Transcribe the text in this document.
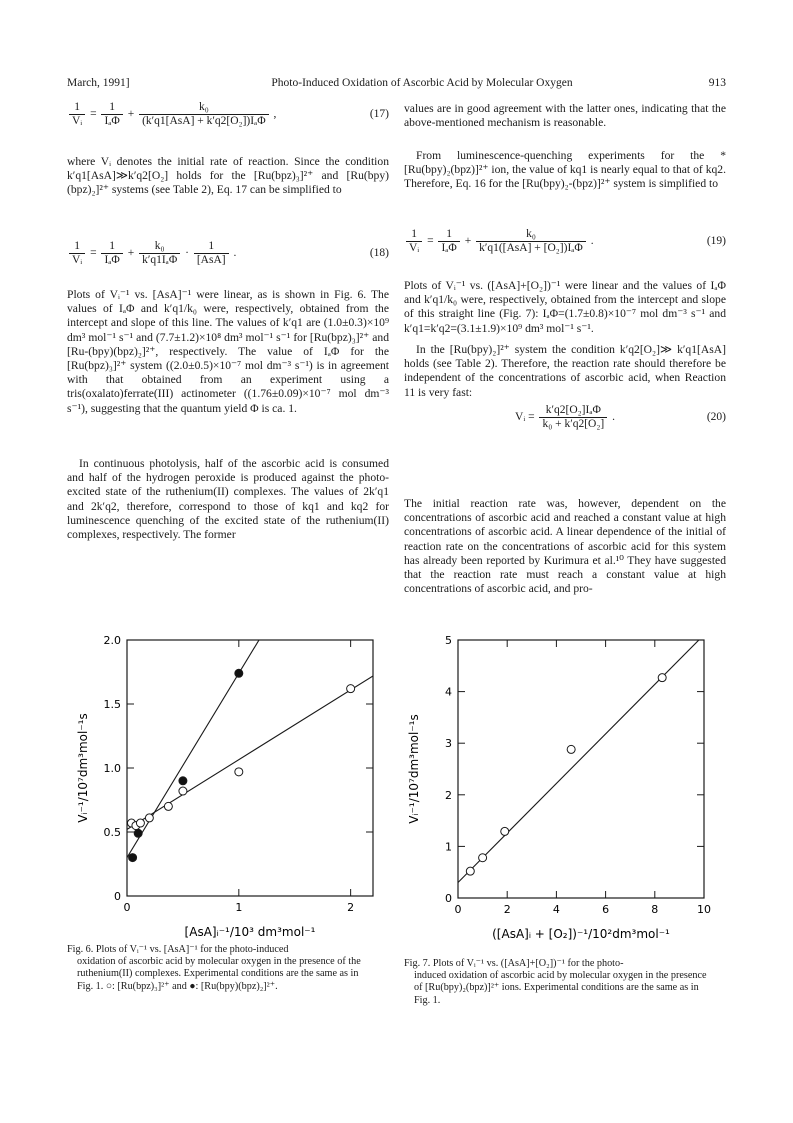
March, 1991]	Photo-Induced Oxidation of Ascorbic Acid by Molecular Oxygen	913
$\frac{1}{\text{Vᵢ}} = \frac{1}{\text{IₐΦ}} + \frac{\text{k₀}}{\text{(k′q1[AsA] + k′q2[O₂])IₐΦ}}$ ,	(17)
where Vᵢ denotes the initial rate of reaction. Since the condition k′q1[AsA]≫k′q2[O₂] holds for the [Ru(bpz)₃]²⁺ and [Ru(bpy)(bpz)₂]²⁺ systems (see Table 2), Eq. 17 can be simplified to
$\frac{1}{\text{Vᵢ}} = \frac{1}{\text{IₐΦ}} + \frac{\text{k₀}}{\text{k′q1IₐΦ}} \cdot \frac{1}{\text{[AsA]}}$ .	(18)
Plots of Vᵢ⁻¹ vs. [AsA]⁻¹ were linear, as is shown in Fig. 6. The values of IₐΦ and k′q1/k₀ were, respectively, obtained from the intercept and slope of this line. The values of k′q1 are (1.0±0.3)×10⁹ dm³ mol⁻¹ s⁻¹ and (7.7±1.2)×10⁸ dm³ mol⁻¹ s⁻¹ for [Ru(bpz)₃]²⁺ and [Ru-(bpy)(bpz)₂]²⁺, respectively. The value of IₐΦ for the [Ru(bpz)₃]²⁺ system ((2.0±0.5)×10⁻⁷ mol dm⁻³ s⁻¹) is in agreement with that obtained from an experiment using a tris(oxalato)ferrate(III) actinometer ((1.76±0.09)×10⁻⁷ mol dm⁻³ s⁻¹), suggesting that the quantum yield Φ is ca. 1.
In continuous photolysis, half of the ascorbic acid is consumed and half of the hydrogen peroxide is produced against the photo-excited state of the ruthenium(II) complexes. The values of 2k′q1 and 2k′q2, therefore, correspond to those of kq1 and kq2 for luminescence quenching of the excited state of the ruthenium(II) complexes, respectively. The former
values are in good agreement with the latter ones, indicating that the above-mentioned mechanism is reasonable.
From luminescence-quenching experiments for the *[Ru(bpy)₂(bpz)]²⁺ ion, the value of kq1 is nearly equal to that of kq2. Therefore, Eq. 16 for the [Ru(bpy)₂-(bpz)]²⁺ system is simplified to
$\frac{1}{\text{Vᵢ}} = \frac{1}{\text{IₐΦ}} + \frac{\text{k₀}}{\text{k′q1([AsA] + [O₂])IₐΦ}}$ .	(19)
Plots of Vᵢ⁻¹ vs. ([AsA]+[O₂])⁻¹ were linear and the values of IₐΦ and k′q1/k₀ were, respectively, obtained from the intercept and slope of this straight line (Fig. 7): IₐΦ=(1.7±0.8)×10⁻⁷ mol dm⁻³ s⁻¹ and k′q1=k′q2=(3.1±1.9)×10⁹ dm³ mol⁻¹ s⁻¹.
In the [Ru(bpy)₂]²⁺ system the condition k′q2[O₂]≫ k′q1[AsA] holds (see Table 2). Therefore, the reaction rate should therefore be independent of the concentrations of ascorbic acid, when Reaction 11 is very fast:
Vᵢ = $\frac{\text{k′q2[O₂]IₐΦ}}{\text{k₀ + k′q2[O₂]}}$ .	(20)
The initial reaction rate was, however, dependent on the concentrations of ascorbic acid and reached a constant value at high concentrations of ascorbic acid. A linear dependence of the initial of reaction rate on the concentrations of ascorbic acid for this system has already been reported by Kurimura et al.¹⁰ They have suggested that the reaction rate must reach a constant value at high concentrations of ascorbic acid, and pro-
0	1	2
0
0.5
1.0
1.5
2.0
[AsA]ᵢ⁻¹/10³ dm³mol⁻¹
Vᵢ⁻¹/10⁷dm³mol⁻¹s
0	2	4	6	8	10
0
1
2
3
4
5
([AsA]ᵢ + [O₂])⁻¹/10²dm³mol⁻¹
Vᵢ⁻¹/10⁷dm³mol⁻¹s
Fig. 6. Plots of Vᵢ⁻¹ vs. [AsA]⁻¹ for the photo-induced
oxidation of ascorbic acid by molecular oxygen in the presence of the ruthenium(II) complexes. Experimental conditions are the same as in Fig. 1. ○: [Ru(bpz)₃]²⁺ and ●: [Ru(bpy)(bpz)₂]²⁺.
Fig. 7. Plots of Vᵢ⁻¹ vs. ([AsA]+[O₂])⁻¹ for the photo-
induced oxidation of ascorbic acid by molecular oxygen in the presence of [Ru(bpy)₂(bpz)]²⁺ ions. Experimental conditions are the same as in Fig. 1.
